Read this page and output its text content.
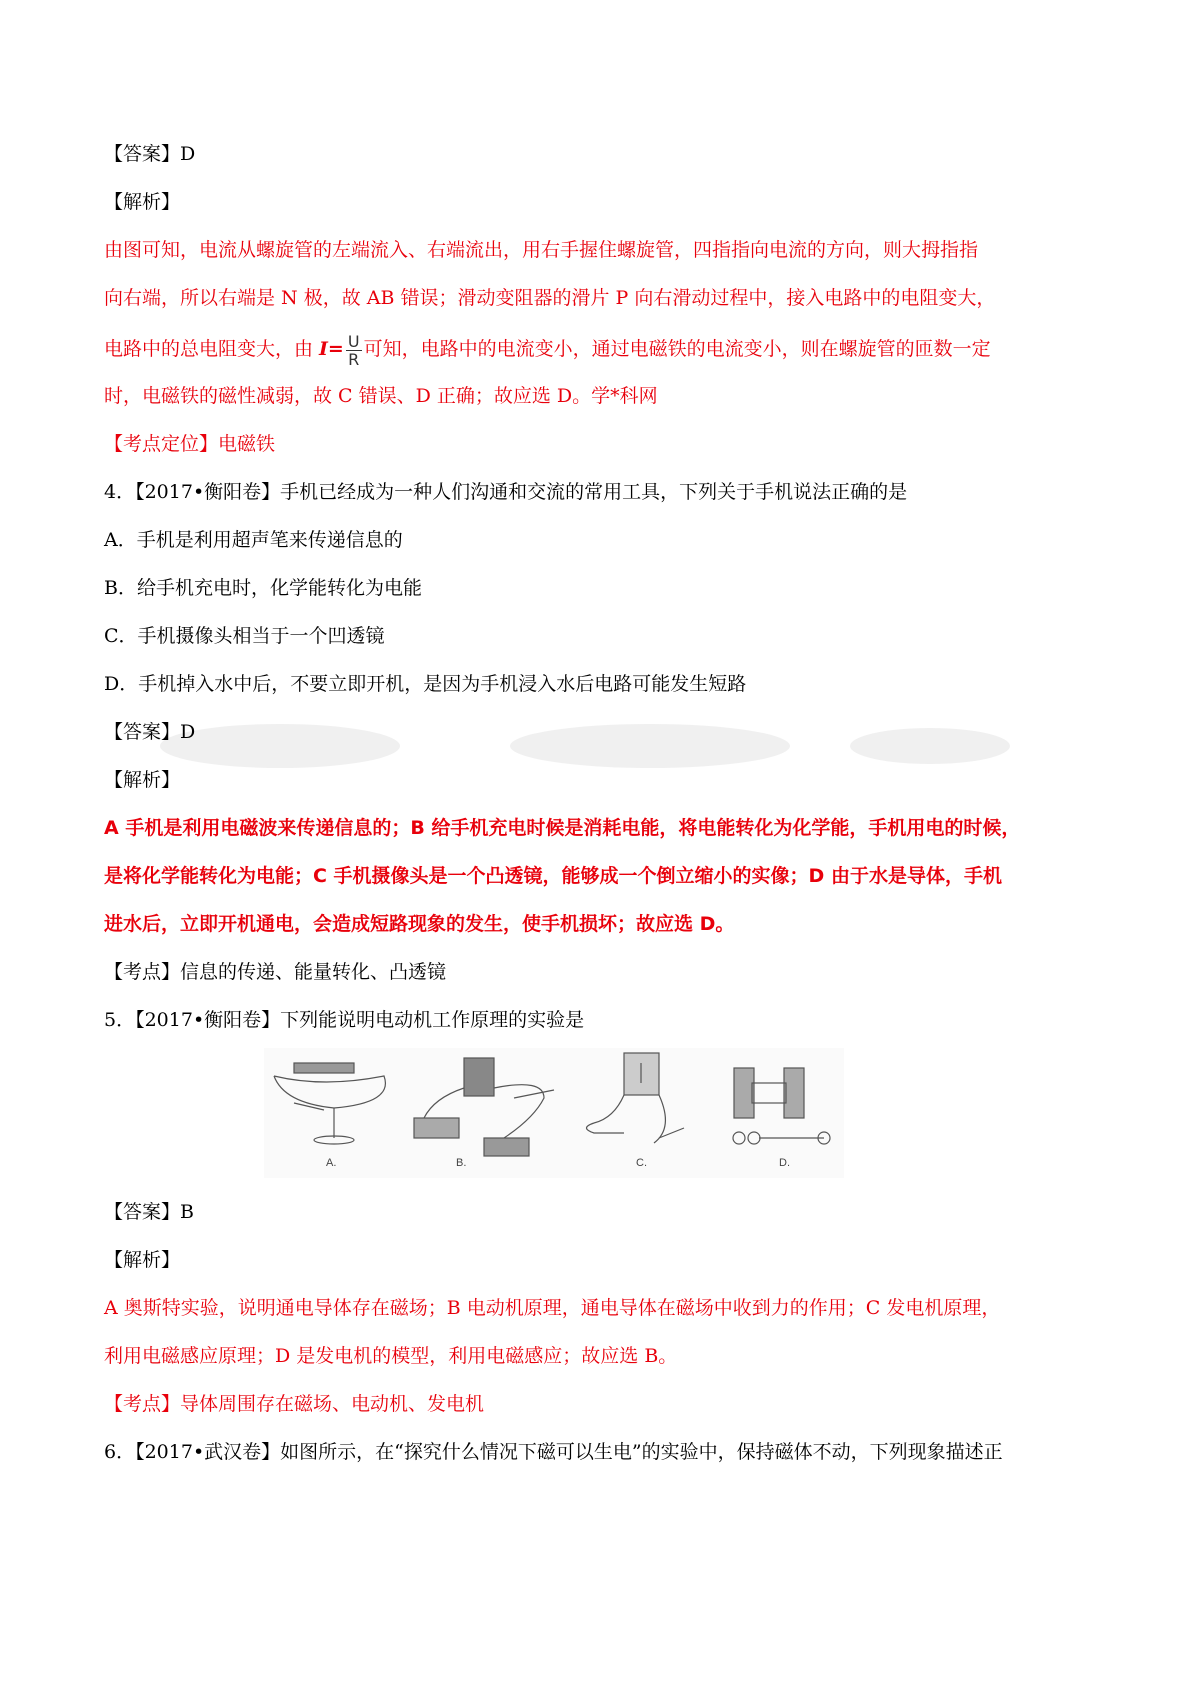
【答案】D
【解析】
由图可知，电流从螺旋管的左端流入、右端流出，用右手握住螺旋管，四指指向电流的方向，则大拇指指
向右端，所以右端是 N 极，故 AB 错误；滑动变阻器的滑片 P 向右滑动过程中，接入电路中的电阻变大，
电路中的总电阻变大，由 $I= \frac{U}{R}$ 可知，电路中的电流变小，通过电磁铁的电流变小，则在螺旋管的匝数一定
时，电磁铁的磁性减弱，故 C 错误、D 正确；故应选 D。学*科网
【考点定位】电磁铁
4．【2017•衡阳卷】手机已经成为一种人们沟通和交流的常用工具，下列关于手机说法正确的是
A．手机是利用超声笔来传递信息的
B．给手机充电时，化学能转化为电能
C．手机摄像头相当于一个凹透镜
D．手机掉入水中后，不要立即开机，是因为手机浸入水后电路可能发生短路
【答案】D
【解析】
A 手机是利用电磁波来传递信息的；B 给手机充电时候是消耗电能，将电能转化为化学能，手机用电的时候，
是将化学能转化为电能；C 手机摄像头是一个凸透镜，能够成一个倒立缩小的实像；D 由于水是导体，手机
进水后，立即开机通电，会造成短路现象的发生，使手机损坏；故应选 D。
【考点】信息的传递、能量转化、凸透镜
5．【2017•衡阳卷】下列能说明电动机工作原理的实验是
A.	B.	C.	D.
【答案】B
【解析】
A 奥斯特实验，说明通电导体存在磁场；B 电动机原理，通电导体在磁场中收到力的作用；C 发电机原理，
利用电磁感应原理；D 是发电机的模型，利用电磁感应；故应选 B。
【考点】导体周围存在磁场、电动机、发电机
6．【2017•武汉卷】如图所示，在“探究什么情况下磁可以生电”的实验中，保持磁体不动，下列现象描述正
